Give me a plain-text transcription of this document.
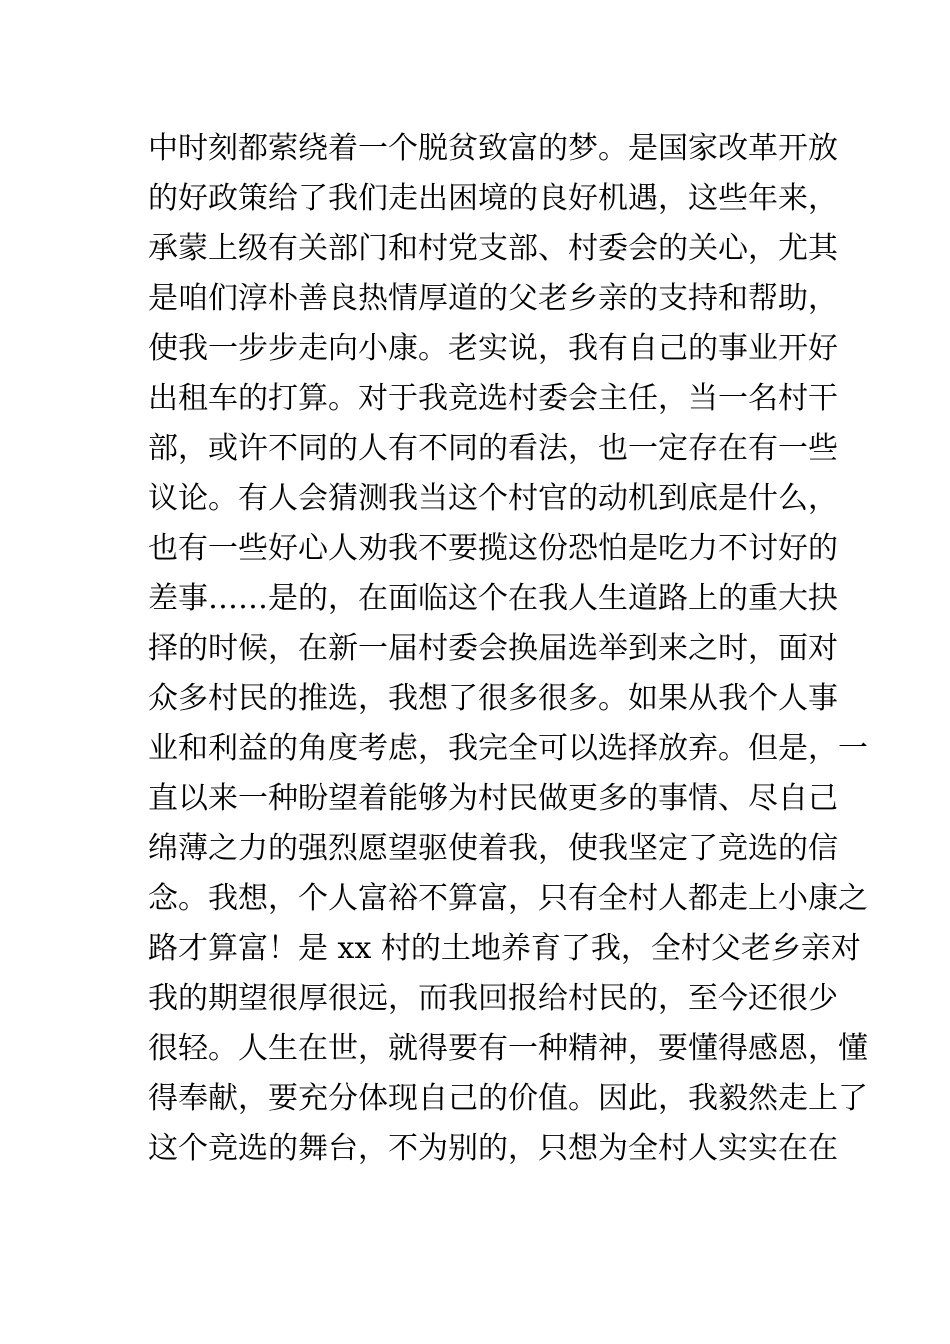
中时刻都萦绕着一个脱贫致富的梦。是国家改革开放
的好政策给了我们走出困境的良好机遇，这些年来，
承蒙上级有关部门和村党支部、村委会的关心，尤其
是咱们淳朴善良热情厚道的父老乡亲的支持和帮助，
使我一步步走向小康。老实说，我有自己的事业开好
出租车的打算。对于我竞选村委会主任，当一名村干
部，或许不同的人有不同的看法，也一定存在有一些
议论。有人会猜测我当这个村官的动机到底是什么，
也有一些好心人劝我不要揽这份恐怕是吃力不讨好的
差事……是的，在面临这个在我人生道路上的重大抉
择的时候，在新一届村委会换届选举到来之时，面对
众多村民的推选，我想了很多很多。如果从我个人事
业和利益的角度考虑，我完全可以选择放弃。但是，一
直以来一种盼望着能够为村民做更多的事情、尽自己
绵薄之力的强烈愿望驱使着我，使我坚定了竞选的信
念。我想，个人富裕不算富，只有全村人都走上小康之
路才算富！是 xx 村的土地养育了我，全村父老乡亲对
我的期望很厚很远，而我回报给村民的，至今还很少
很轻。人生在世，就得要有一种精神，要懂得感恩，懂
得奉献，要充分体现自己的价值。因此，我毅然走上了
这个竞选的舞台，不为别的，只想为全村人实实在在
